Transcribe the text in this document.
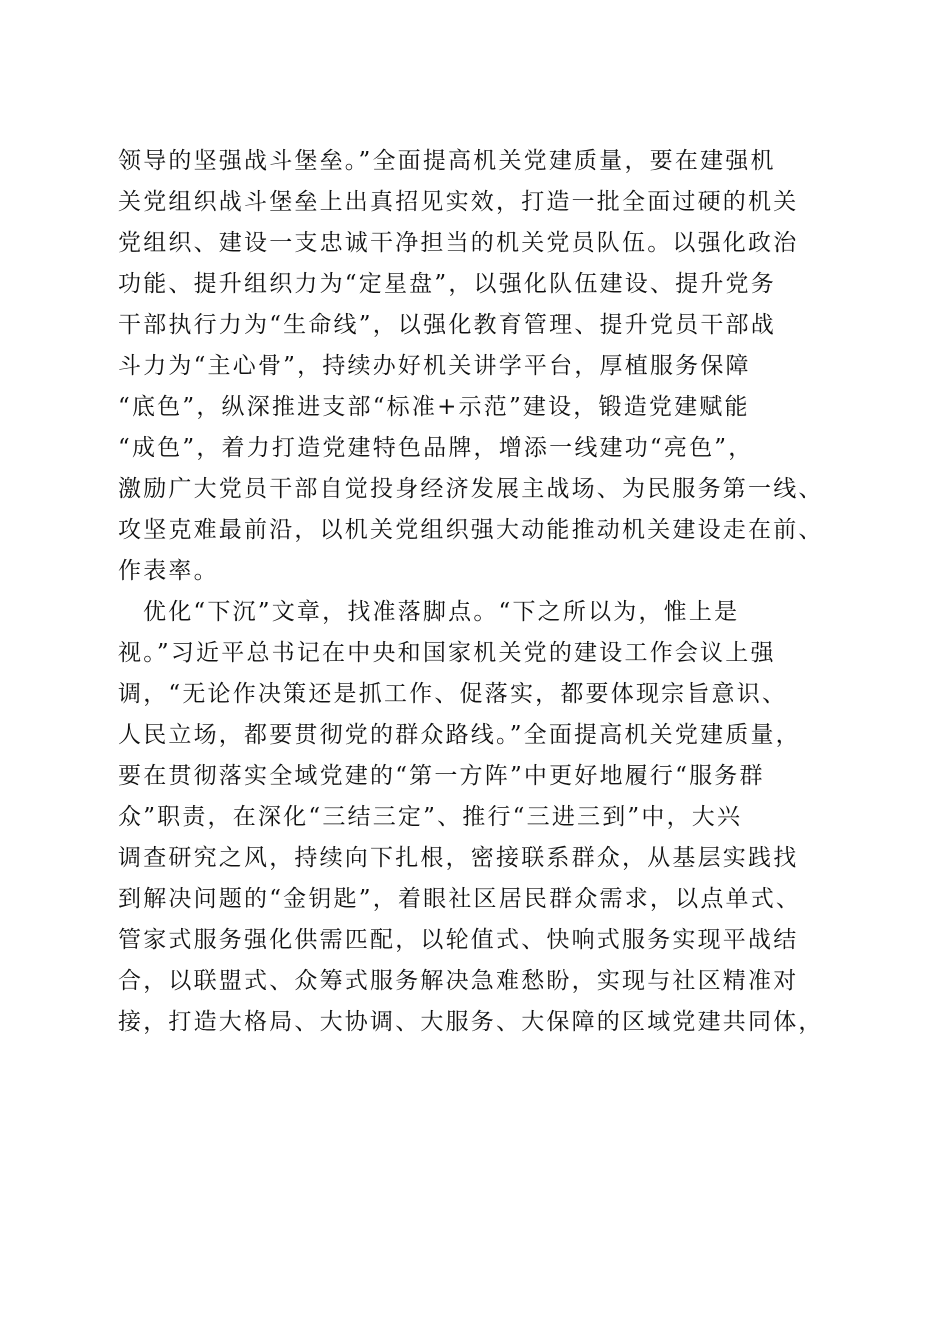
领导的坚强战斗堡垒。”全面提高机关党建质量，要在建强机
关党组织战斗堡垒上出真招见实效，打造一批全面过硬的机关
党组织、建设一支忠诚干净担当的机关党员队伍。以强化政治
功能、提升组织力为“定星盘”，以强化队伍建设、提升党务
干部执行力为“生命线”，以强化教育管理、提升党员干部战
斗力为“主心骨”，持续办好机关讲学平台，厚植服务保障
“底色”，纵深推进支部“标准+示范”建设，锻造党建赋能
“成色”，着力打造党建特色品牌，增添一线建功“亮色”，
激励广大党员干部自觉投身经济发展主战场、为民服务第一线、
攻坚克难最前沿，以机关党组织强大动能推动机关建设走在前、
作表率。
优化“下沉”文章，找准落脚点。“下之所以为，惟上是
视。”习近平总书记在中央和国家机关党的建设工作会议上强
调，“无论作决策还是抓工作、促落实，都要体现宗旨意识、
人民立场，都要贯彻党的群众路线。”全面提高机关党建质量，
要在贯彻落实全域党建的“第一方阵”中更好地履行“服务群
众”职责，在深化“三结三定”、推行“三进三到”中，大兴
调查研究之风，持续向下扎根，密接联系群众，从基层实践找
到解决问题的“金钥匙”，着眼社区居民群众需求，以点单式、
管家式服务强化供需匹配，以轮值式、快响式服务实现平战结
合，以联盟式、众筹式服务解决急难愁盼，实现与社区精准对
接，打造大格局、大协调、大服务、大保障的区域党建共同体，
